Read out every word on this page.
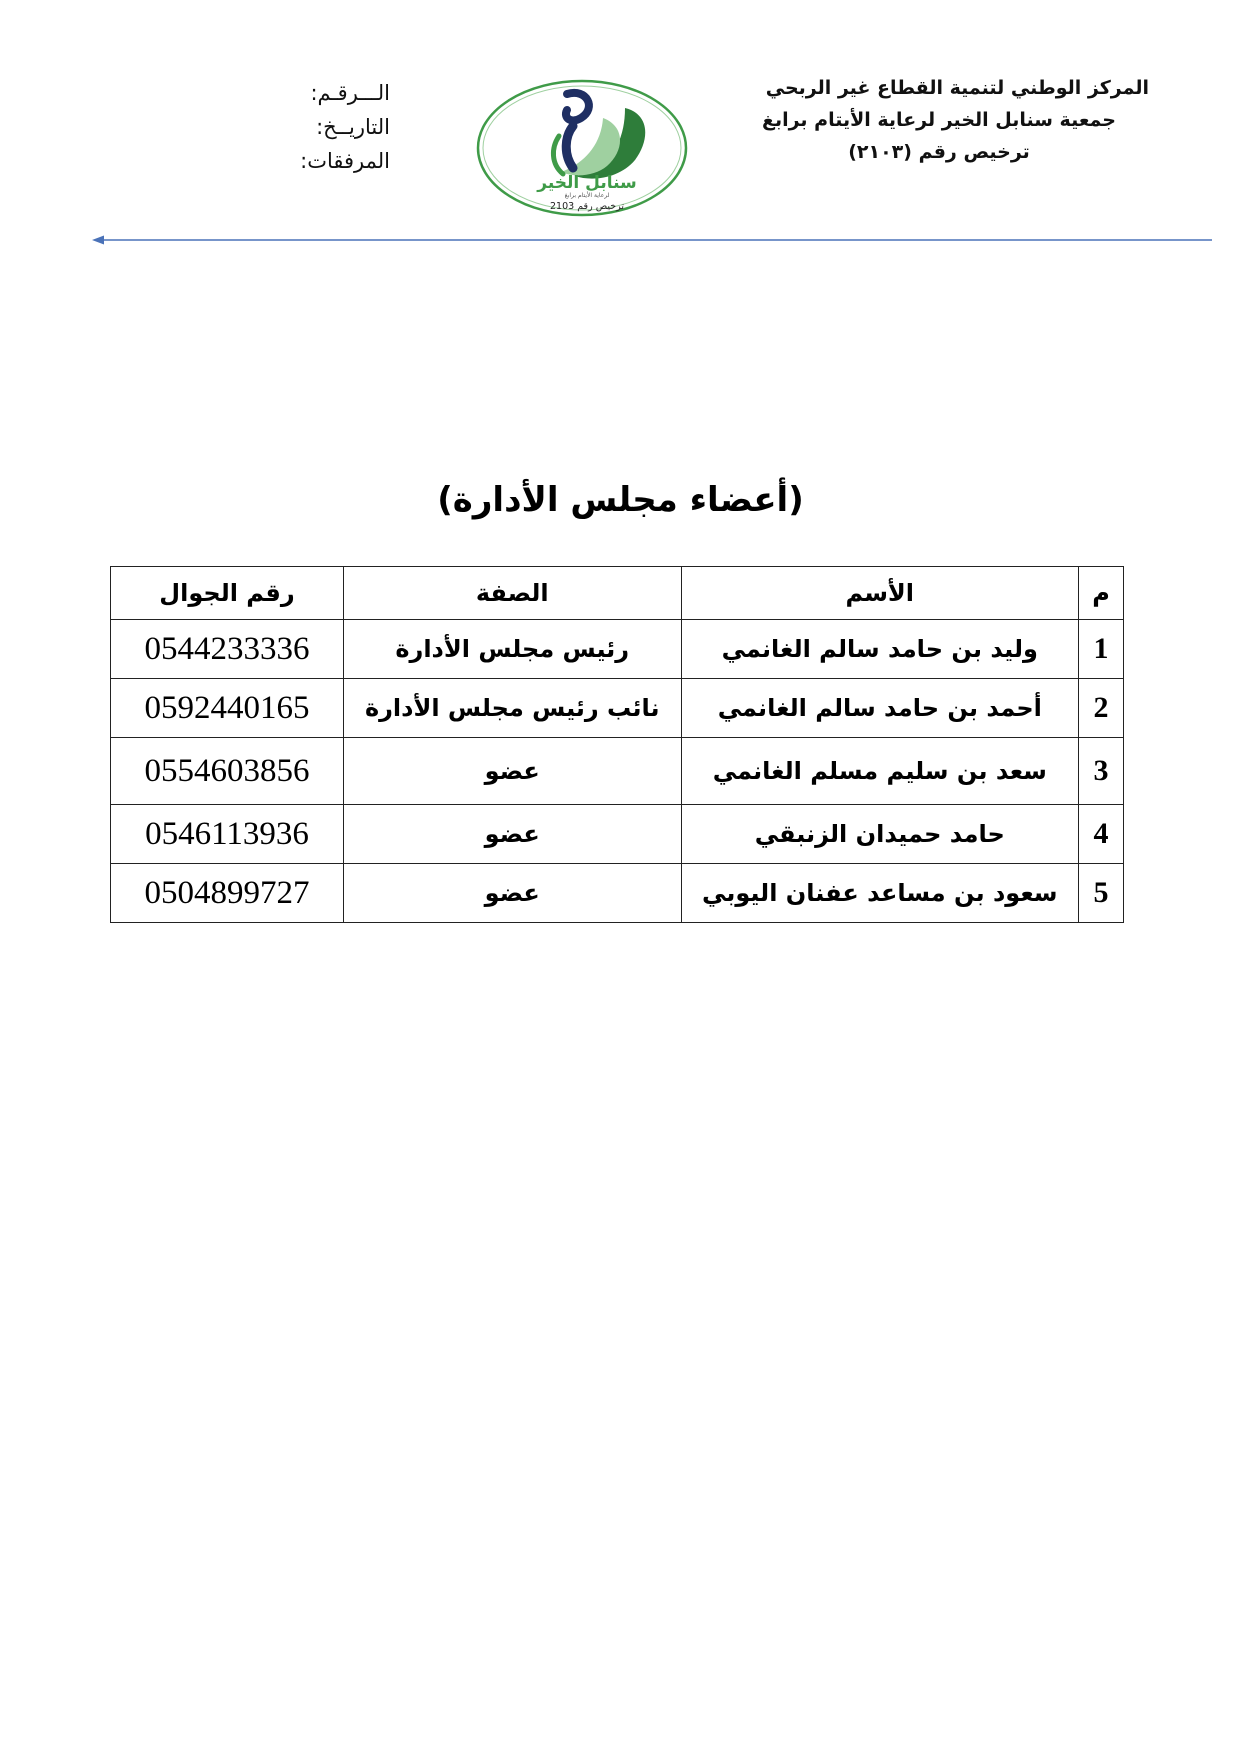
المركز الوطني لتنمية القطاع غير الربحي
جمعية سنابل الخير لرعاية الأيتام برابغ
ترخيص رقم (٢١٠٣)
سنابل الخير
لرعاية الأيتام برابغ
ترخيص رقم 2103
الـــرقـم:
التاريــخ:
المرفقات:
(أعضاء مجلس الأدارة)
م	الأسم	الصفة	رقم الجوال
1	وليد بن حامد سالم الغانمي	رئيس مجلس الأدارة	0544233336
2	أحمد بن حامد سالم الغانمي	نائب رئيس مجلس الأدارة	0592440165
3	سعد بن سليم مسلم الغانمي	عضو	0554603856
4	حامد حميدان الزنبقي	عضو	0546113936
5	سعود بن مساعد عفنان اليوبي	عضو	0504899727
